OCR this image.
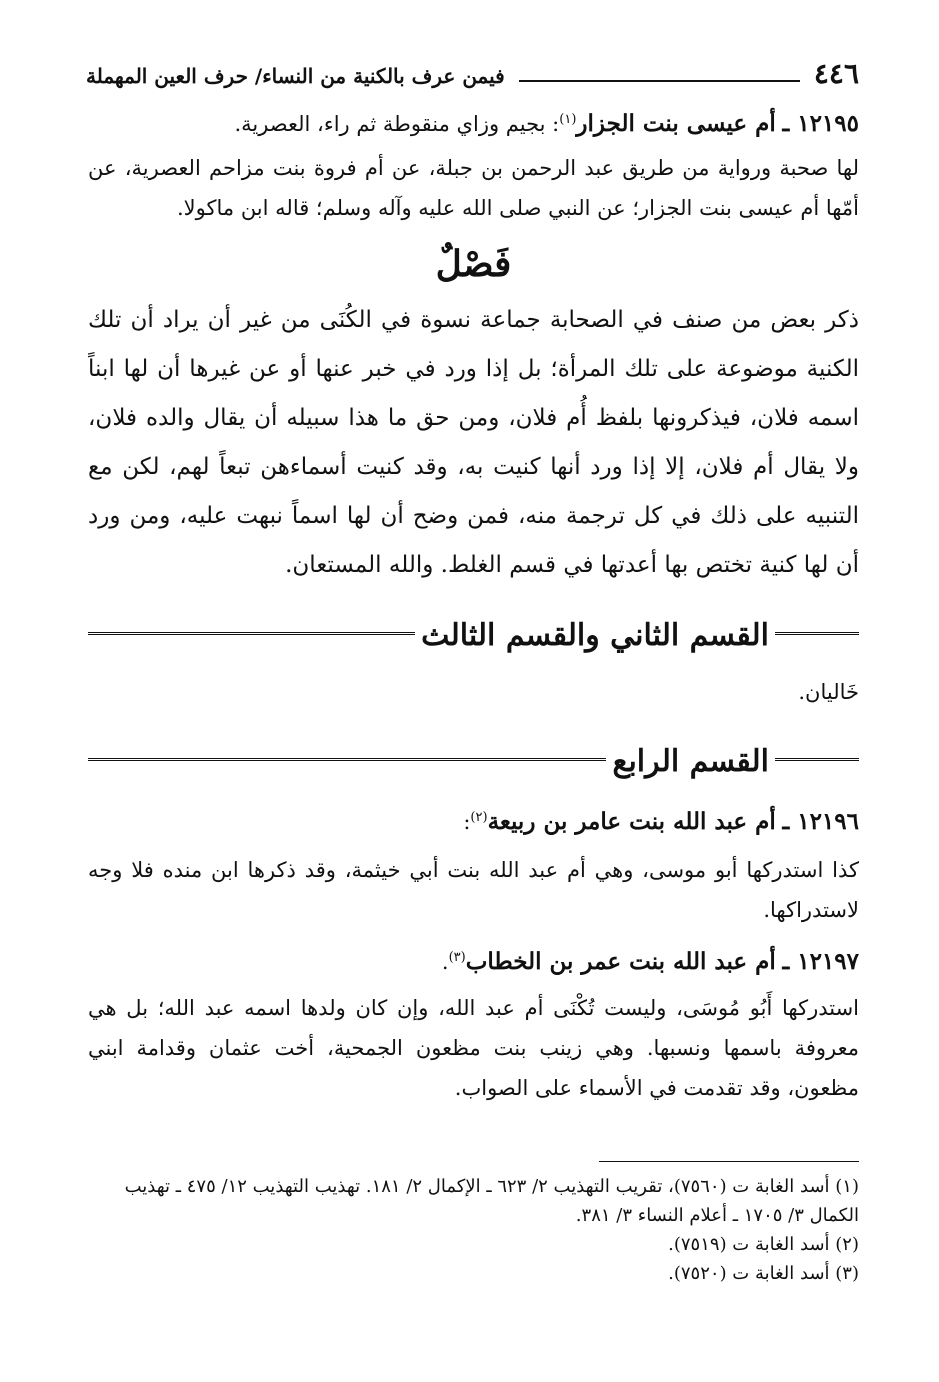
٤٤٦
فيمن عرف بالكنية من النساء/ حرف العين المهملة

١٢١٩٥ ـ أم عيسى بنت الجزار$^{(١)}$: بجيم وزاي منقوطة ثم راء، العصرية.

لها صحبة ورواية من طريق عبد الرحمن بن جبلة، عن أم فروة بنت مزاحم العصرية، عن أمّها أم عيسى بنت الجزار؛ عن النبي صلى الله عليه وآله وسلم؛ قاله ابن ماكولا.

فَصْلٌ

ذكر بعض من صنف في الصحابة جماعة نسوة في الكُنَى من غير أن يراد أن تلك الكنية موضوعة على تلك المرأة؛ بل إذا ورد في خبر عنها أو عن غيرها أن لها ابناً اسمه فلان، فيذكرونها بلفظ أُم فلان، ومن حق ما هذا سبيله أن يقال والده فلان، ولا يقال أم فلان، إلا إذا ورد أنها كنيت به، وقد كنيت أسماءهن تبعاً لهم، لكن مع التنبيه على ذلك في كل ترجمة منه، فمن وضح أن لها اسماً نبهت عليه، ومن ورد أن لها كنية تختص بها أعدتها في قسم الغلط. والله المستعان.

القسم الثاني والقسم الثالث

خَاليان.

القسم الرابع

١٢١٩٦ ـ أم عبد الله بنت عامر بن ربيعة$^{(٢)}$:

كذا استدركها أبو موسى، وهي أم عبد الله بنت أبي خيثمة، وقد ذكرها ابن منده فلا وجه لاستدراكها.

١٢١٩٧ ـ أم عبد الله بنت عمر بن الخطاب$^{(٣)}$.

استدركها أَبُو مُوسَى، وليست تُكْنَى أم عبد الله، وإن كان ولدها اسمه عبد الله؛ بل هي معروفة باسمها ونسبها. وهي زينب بنت مظعون الجمحية، أخت عثمان وقدامة ابني مظعون، وقد تقدمت في الأسماء على الصواب.

(١) أسد الغابة ت (٧٥٦٠)، تقريب التهذيب ٢/ ٦٢٣ ـ الإكمال ٢/ ١٨١. تهذيب التهذيب ١٢/ ٤٧٥ ـ تهذيب الكمال ٣/ ١٧٠٥ ـ أعلام النساء ٣/ ٣٨١.

(٢) أسد الغابة ت (٧٥١٩).

(٣) أسد الغابة ت (٧٥٢٠).
